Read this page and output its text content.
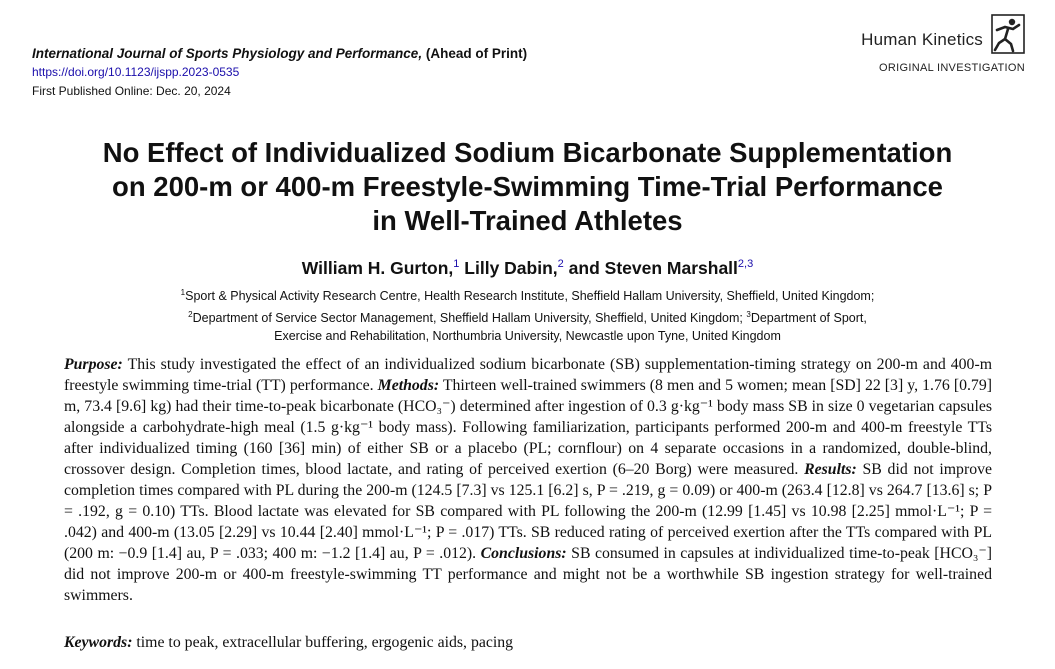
International Journal of Sports Physiology and Performance, (Ahead of Print)
https://doi.org/10.1123/ijspp.2023-0535
First Published Online: Dec. 20, 2024
Human Kinetics
ORIGINAL INVESTIGATION
No Effect of Individualized Sodium Bicarbonate Supplementation
on 200-m or 400-m Freestyle-Swimming Time-Trial Performance
in Well-Trained Athletes
William H. Gurton,$^1$ Lilly Dabin,$^2$ and Steven Marshall$^{2,3}$
$^1$Sport & Physical Activity Research Centre, Health Research Institute, Sheffield Hallam University, Sheffield, United Kingdom;
$^2$Department of Service Sector Management, Sheffield Hallam University, Sheffield, United Kingdom; $^3$Department of Sport,
Exercise and Rehabilitation, Northumbria University, Newcastle upon Tyne, United Kingdom

Purpose: This study investigated the effect of an individualized sodium bicarbonate (SB) supplementation-timing strategy on 200-m and 400-m freestyle swimming time-trial (TT) performance. Methods: Thirteen well-trained swimmers (8 men and 5 women; mean [SD] 22 [3] y, 1.76 [0.79] m, 73.4 [9.6] kg) had their time-to-peak bicarbonate (HCO₃⁻) determined after ingestion of 0.3 g·kg⁻¹ body mass SB in size 0 vegetarian capsules alongside a carbohydrate-high meal (1.5 g·kg⁻¹ body mass). Following familiarization, participants performed 200-m and 400-m freestyle TTs after individualized timing (160 [36] min) of either SB or a placebo (PL; cornflour) on 4 separate occasions in a randomized, double-blind, crossover design. Completion times, blood lactate, and rating of perceived exertion (6–20 Borg) were measured. Results: SB did not improve completion times compared with PL during the 200-m (124.5 [7.3] vs 125.1 [6.2] s, P = .219, g = 0.09) or 400-m (263.4 [12.8] vs 264.7 [13.6] s; P = .192, g = 0.10) TTs. Blood lactate was elevated for SB compared with PL following the 200-m (12.99 [1.45] vs 10.98 [2.25] mmol·L⁻¹; P = .042) and 400-m (13.05 [2.29] vs 10.44 [2.40] mmol·L⁻¹; P = .017) TTs. SB reduced rating of perceived exertion after the TTs compared with PL (200 m: −0.9 [1.4] au, P = .033; 400 m: −1.2 [1.4] au, P = .012). Conclusions: SB consumed in capsules at individualized time-to-peak [HCO₃⁻] did not improve 200-m or 400-m freestyle-swimming TT performance and might not be a worthwhile SB ingestion strategy for well-trained swimmers.

Keywords: time to peak, extracellular buffering, ergogenic aids, pacing
